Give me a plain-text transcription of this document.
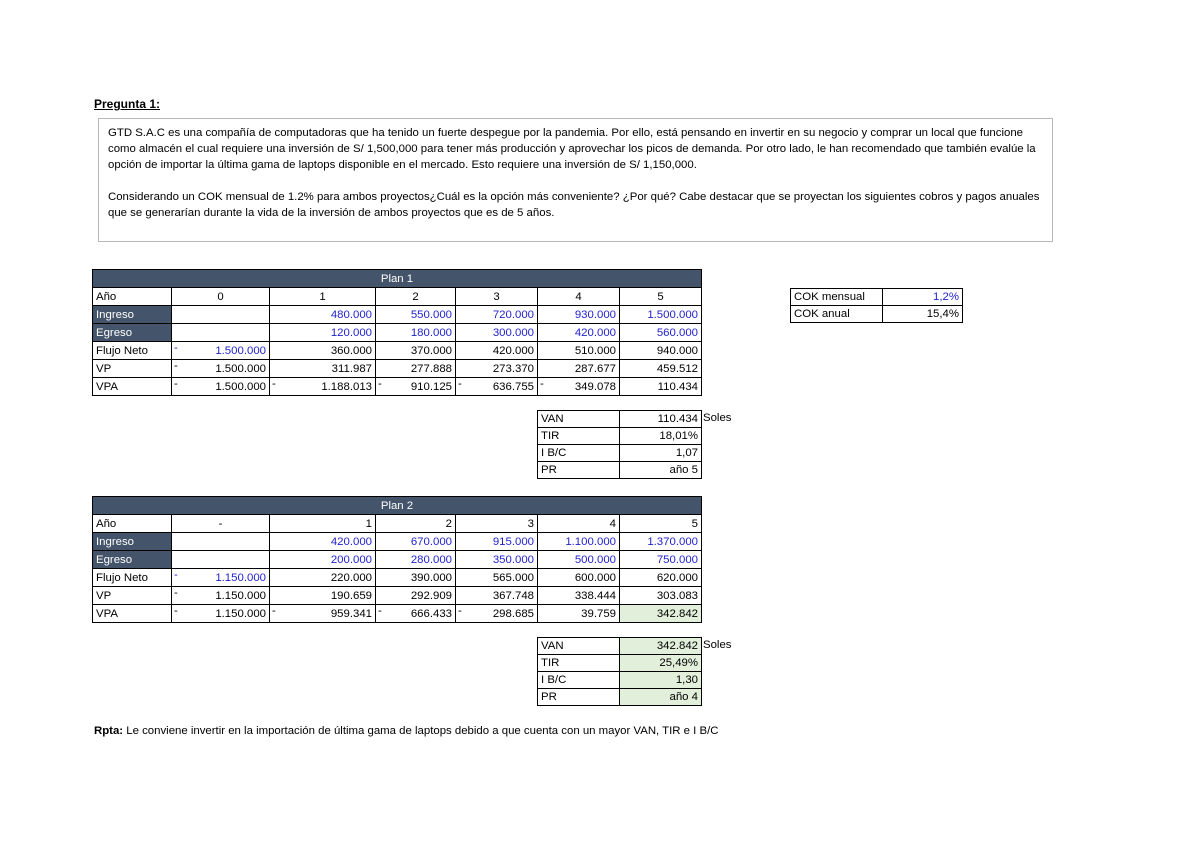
Pregunta 1:

GTD S.A.C es una compañía de computadoras que ha tenido un fuerte despegue por la pandemia. Por ello, está pensando en invertir en su negocio y comprar un local que funcione como almacén el cual requiere una inversión de S/ 1,500,000 para tener más producción y aprovechar los picos de demanda. Por otro lado, le han recomendado que también evalúe la opción de importar la última gama de laptops disponible en el mercado. Esto requiere una inversión de S/ 1,150,000.

Considerando un COK mensual de 1.2% para ambos proyectos¿Cuál es la opción más conveniente? ¿Por qué? Cabe destacar que se proyectan los siguientes cobros y pagos anuales que se generarían durante la vida de la inversión de ambos proyectos que es de 5 años.

Plan 1						
Año	0	1	2	3	4	5
Ingreso		480.000	550.000	720.000	930.000	1.500.000
Egreso		120.000	180.000	300.000	420.000	560.000
Flujo Neto	- 1.500.000	360.000	370.000	420.000	510.000	940.000
VP	- 1.500.000	311.987	277.888	273.370	287.677	459.512
VPA	- 1.500.000	- 1.188.013	- 910.125	- 636.755	- 349.078	110.434
COK mensual	1,2%
COK anual	15,4%
VAN	110.434
TIR	18,01%
I B/C	1,07
PR	año 5
Soles
Plan 2						
Año	-	1	2	3	4	5
Ingreso		420.000	670.000	915.000	1.100.000	1.370.000
Egreso		200.000	280.000	350.000	500.000	750.000
Flujo Neto	- 1.150.000	220.000	390.000	565.000	600.000	620.000
VP	- 1.150.000	190.659	292.909	367.748	338.444	303.083
VPA	- 1.150.000	- 959.341	- 666.433	- 298.685	39.759	342.842
VAN	342.842
TIR	25,49%
I B/C	1,30
PR	año 4
Soles
Rpta: Le conviene invertir en la importación de última gama de laptops debido a que cuenta con un mayor VAN, TIR e I B/C
